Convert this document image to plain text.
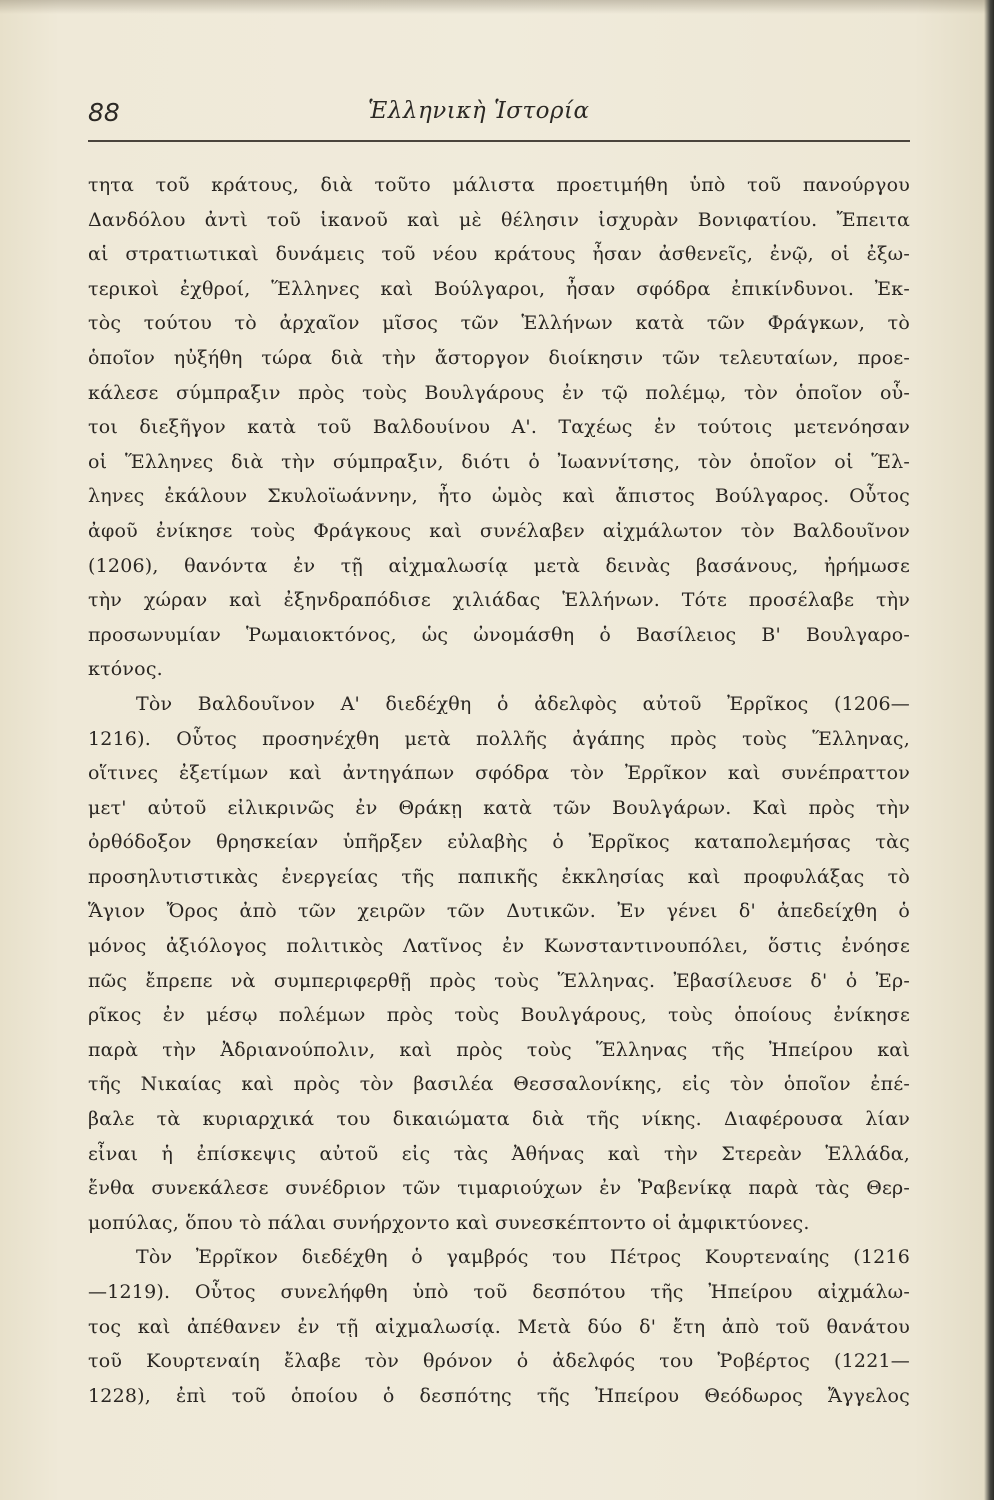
88	Ἑλληνικὴ Ἱστορία
τητα τοῦ κράτους, διὰ τοῦτο μάλιστα προετιμήθη ὑπὸ τοῦ πανούργου
Δανδόλου ἀντὶ τοῦ ἱκανοῦ καὶ μὲ θέλησιν ἰσχυρὰν Βονιφατίου. Ἔπειτα
αἱ στρατιωτικαὶ δυνάμεις τοῦ νέου κράτους ἦσαν ἀσθενεῖς, ἐνῷ, οἱ ἐξω-
τερικοὶ ἐχθροί, Ἕλληνες καὶ Βούλγαροι, ἦσαν σφόδρα ἐπικίνδυνοι. Ἐκ-
τὸς τούτου τὸ ἀρχαῖον μῖσος τῶν Ἑλλήνων κατὰ τῶν Φράγκων, τὸ
ὁποῖον ηὐξήθη τώρα διὰ τὴν ἄστοργον διοίκησιν τῶν τελευταίων, προε-
κάλεσε σύμπραξιν πρὸς τοὺς Βουλγάρους ἐν τῷ πολέμῳ, τὸν ὁποῖον οὗ-
τοι διεξῆγον κατὰ τοῦ Βαλδουίνου Α'. Ταχέως ἐν τούτοις μετενόησαν
οἱ Ἕλληνες διὰ τὴν σύμπραξιν, διότι ὁ Ἰωαννίτσης, τὸν ὁποῖον οἱ Ἕλ-
ληνες ἐκάλουν Σκυλοϊωάννην, ἦτο ὠμὸς καὶ ἄπιστος Βούλγαρος. Οὗτος
ἀφοῦ ἐνίκησε τοὺς Φράγκους καὶ συνέλαβεν αἰχμάλωτον τὸν Βαλδουῖνον
(1206), θανόντα ἐν τῇ αἰχμαλωσίᾳ μετὰ δεινὰς βασάνους, ἠρήμωσε
τὴν χώραν καὶ ἐξηνδραπόδισε χιλιάδας Ἑλλήνων. Τότε προσέλαβε τὴν
προσωνυμίαν Ῥωμαιοκτόνος, ὡς ὠνομάσθη ὁ Βασίλειος Β' Βουλγαρο-
κτόνος.
Τὸν Βαλδουῖνον Α' διεδέχθη ὁ ἀδελφὸς αὐτοῦ Ἐρρῖκος (1206—
1216). Οὗτος προσηνέχθη μετὰ πολλῆς ἀγάπης πρὸς τοὺς Ἕλληνας,
οἵτινες ἐξετίμων καὶ ἀντηγάπων σφόδρα τὸν Ἐρρῖκον καὶ συνέπραττον
μετ' αὐτοῦ εἰλικρινῶς ἐν Θράκῃ κατὰ τῶν Βουλγάρων. Καὶ πρὸς τὴν
ὀρθόδοξον θρησκείαν ὑπῆρξεν εὐλαβὴς ὁ Ἐρρῖκος καταπολεμήσας τὰς
προσηλυτιστικὰς ἐνεργείας τῆς παπικῆς ἐκκλησίας καὶ προφυλάξας τὸ
Ἅγιον Ὄρος ἀπὸ τῶν χειρῶν τῶν Δυτικῶν. Ἐν γένει δ' ἀπεδείχθη ὁ
μόνος ἀξιόλογος πολιτικὸς Λατῖνος ἐν Κωνσταντινουπόλει, ὅστις ἐνόησε
πῶς ἔπρεπε νὰ συμπεριφερθῇ πρὸς τοὺς Ἕλληνας. Ἐβασίλευσε δ' ὁ Ἐρ-
ρῖκος ἐν μέσῳ πολέμων πρὸς τοὺς Βουλγάρους, τοὺς ὁποίους ἐνίκησε
παρὰ τὴν Ἀδριανούπολιν, καὶ πρὸς τοὺς Ἕλληνας τῆς Ἠπείρου καὶ
τῆς Νικαίας καὶ πρὸς τὸν βασιλέα Θεσσαλονίκης, εἰς τὸν ὁποῖον ἐπέ-
βαλε τὰ κυριαρχικά του δικαιώματα διὰ τῆς νίκης. Διαφέρουσα λίαν
εἶναι ἡ ἐπίσκεψις αὐτοῦ εἰς τὰς Ἀθήνας καὶ τὴν Στερεὰν Ἑλλάδα,
ἔνθα συνεκάλεσε συνέδριον τῶν τιμαριούχων ἐν Ῥαβενίκᾳ παρὰ τὰς Θερ-
μοπύλας, ὅπου τὸ πάλαι συνήρχοντο καὶ συνεσκέπτοντο οἱ ἀμφικτύονες.
Τὸν Ἐρρῖκον διεδέχθη ὁ γαμβρός του Πέτρος Κουρτεναίης (1216
—1219). Οὗτος συνελήφθη ὑπὸ τοῦ δεσπότου τῆς Ἠπείρου αἰχμάλω-
τος καὶ ἀπέθανεν ἐν τῇ αἰχμαλωσίᾳ. Μετὰ δύο δ' ἔτη ἀπὸ τοῦ θανάτου
τοῦ Κουρτεναίη ἔλαβε τὸν θρόνον ὁ ἀδελφός του Ῥοβέρτος (1221—
1228), ἐπὶ τοῦ ὁποίου ὁ δεσπότης τῆς Ἠπείρου Θεόδωρος Ἄγγελος
